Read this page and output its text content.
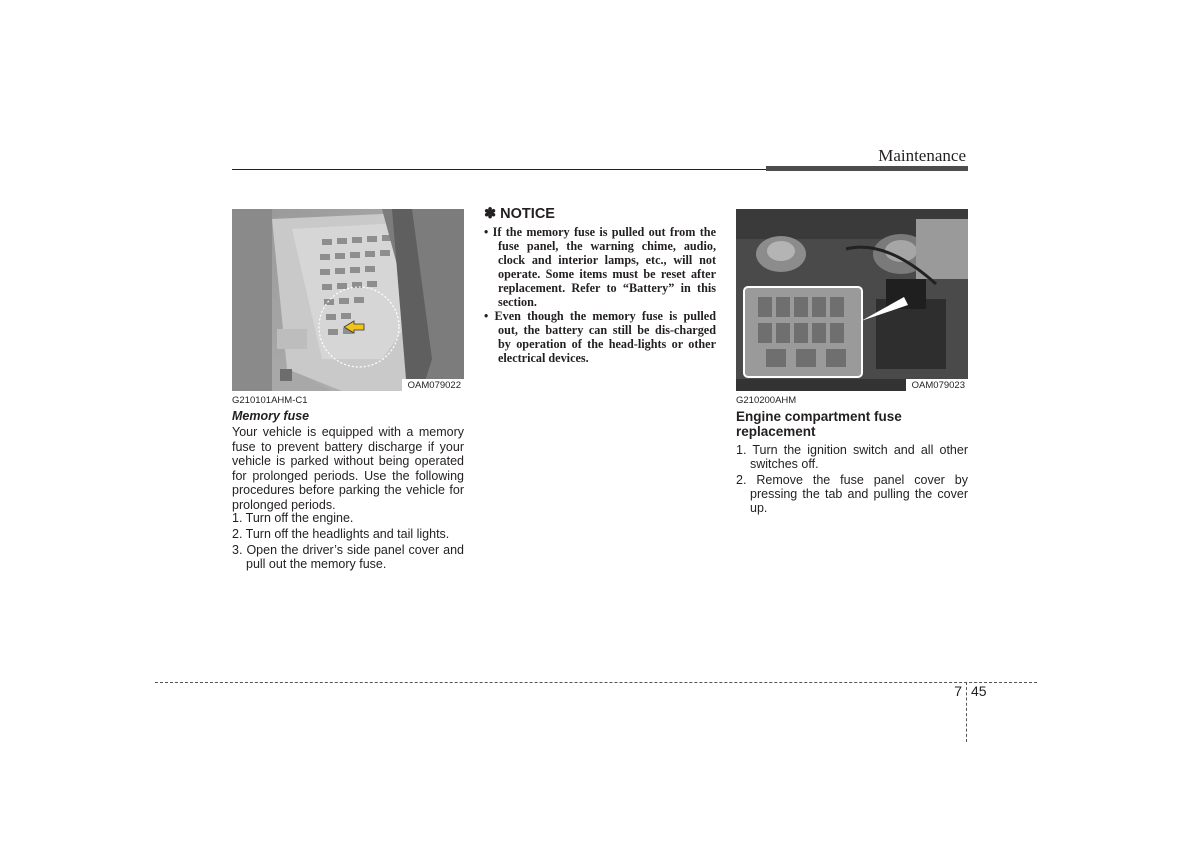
Maintenance
OAM079022
G210101AHM-C1
Memory fuse
Your vehicle is equipped with a memory fuse to prevent battery discharge if your vehicle is parked without being operated for prolonged periods. Use the following procedures before parking the vehicle for prolonged periods.
1. Turn off the engine.
2. Turn off the headlights and tail lights.
3. Open the driver’s side panel cover and pull out the memory fuse.
✽ NOTICE
• If the memory fuse is pulled out from the fuse panel, the warning chime, audio, clock and interior lamps, etc., will not operate. Some items must be reset after replacement. Refer to “Battery” in this section.
• Even though the memory fuse is pulled out, the battery can still be dis-charged by operation of the head-lights or other electrical devices.
OAM079023
G210200AHM
Engine compartment fuse replacement
1. Turn the ignition switch and all other switches off.
2. Remove the fuse panel cover by pressing the tab and pulling the cover up.
7 45
